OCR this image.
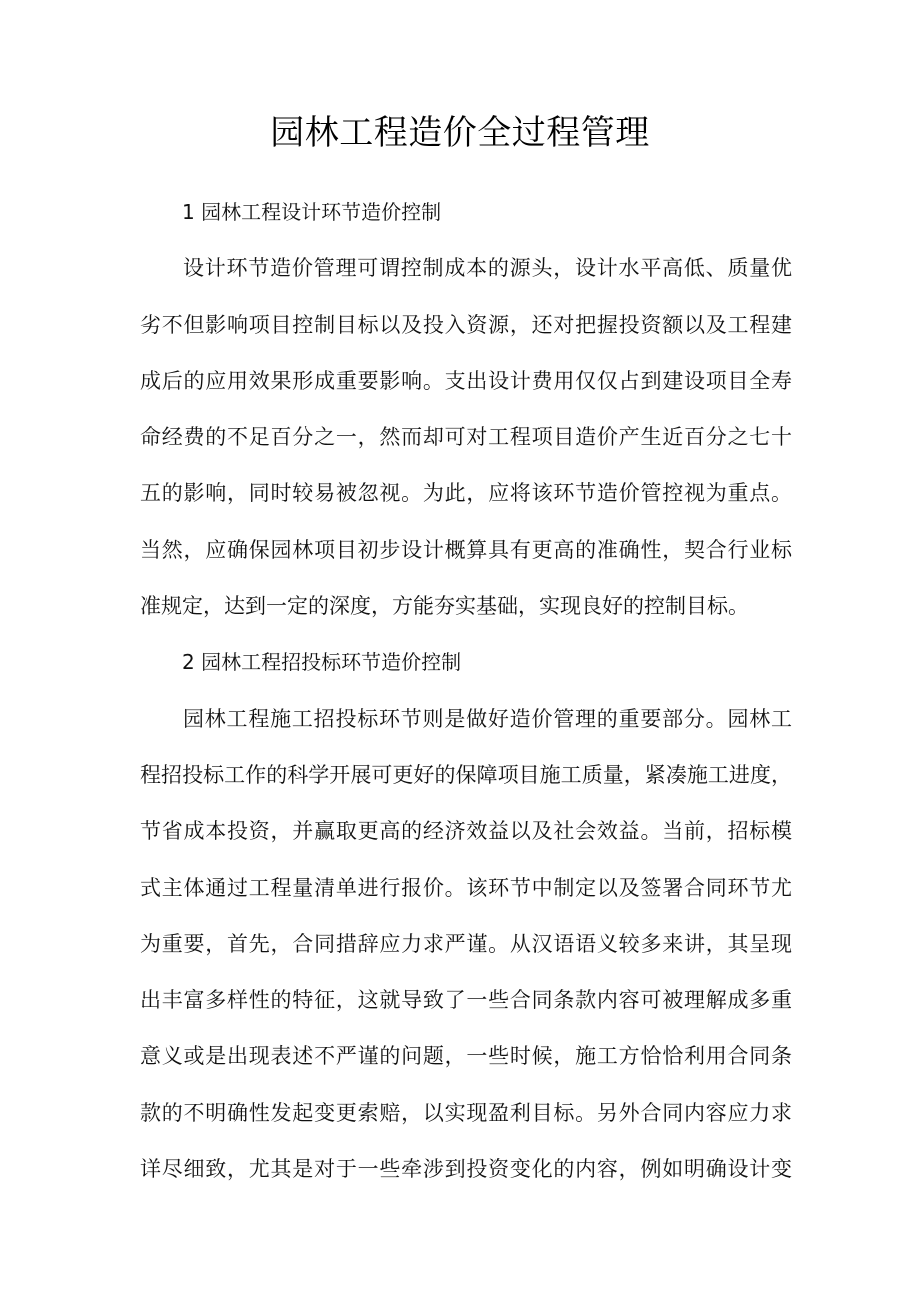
园林工程造价全过程管理
1 园林工程设计环节造价控制
设计环节造价管理可谓控制成本的源头，设计水平高低、质量优
劣不但影响项目控制目标以及投入资源，还对把握投资额以及工程建
成后的应用效果形成重要影响。支出设计费用仅仅占到建设项目全寿
命经费的不足百分之一，然而却可对工程项目造价产生近百分之七十
五的影响，同时较易被忽视。为此，应将该环节造价管控视为重点。
当然，应确保园林项目初步设计概算具有更高的准确性，契合行业标
准规定，达到一定的深度，方能夯实基础，实现良好的控制目标。
2 园林工程招投标环节造价控制
园林工程施工招投标环节则是做好造价管理的重要部分。园林工
程招投标工作的科学开展可更好的保障项目施工质量，紧凑施工进度，
节省成本投资，并赢取更高的经济效益以及社会效益。当前，招标模
式主体通过工程量清单进行报价。该环节中制定以及签署合同环节尤
为重要，首先，合同措辞应力求严谨。从汉语语义较多来讲，其呈现
出丰富多样性的特征，这就导致了一些合同条款内容可被理解成多重
意义或是出现表述不严谨的问题，一些时候，施工方恰恰利用合同条
款的不明确性发起变更索赔，以实现盈利目标。另外合同内容应力求
详尽细致，尤其是对于一些牵涉到投资变化的内容，例如明确设计变
